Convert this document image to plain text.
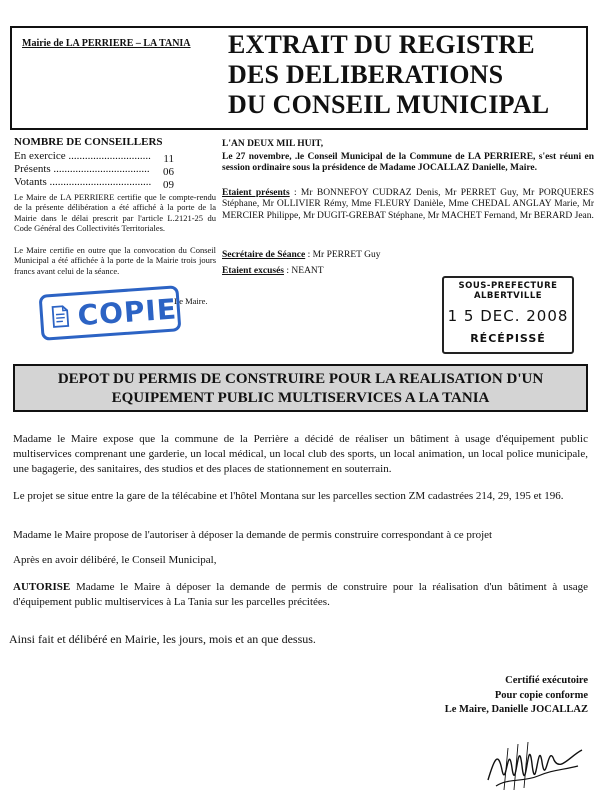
Mairie de LA PERRIERE – LA TANIA EXTRAIT DU REGISTRE
DES DELIBERATIONS
DU CONSEIL MUNICIPAL
NOMBRE DE CONSEILLERS
En exercice .............................. 11
Présents ................................... 06
Votants ..................................... 09
Le Maire de LA PERRIERE certifie que le compte-rendu de la présente délibération a été affiché à la porte de la Mairie dans le délai prescrit par l'article L.2121-25 du Code Général des Collectivités Territoriales.
Le Maire certifie en outre que la convocation du Conseil Municipal a été affichée à la porte de la Mairie trois jours francs avant celui de la séance.
Le Maire.
COPIE
L'AN DEUX MIL HUIT,
Le 27 novembre, .le Conseil Municipal de la Commune de LA PERRIERE, s'est réuni en session ordinaire sous la présidence de Madame JOCALLAZ Danielle, Maire.
Etaient présents : Mr BONNEFOY CUDRAZ Denis, Mr PERRET Guy, Mr PORQUERES Stéphane, Mr OLLIVIER Rémy, Mme FLEURY Danièle, Mme CHEDAL ANGLAY Marie, Mr MERCIER Philippe, Mr DUGIT-GREBAT Stéphane, Mr MACHET Fernand, Mr BERARD Jean.
Secrétaire de Séance : Mr PERRET Guy
Etaient excusés : NEANT
SOUS-PREFECTURE
ALBERTVILLE
1 5 DEC. 2008
RÉCÉPISSÉ
DEPOT DU PERMIS DE CONSTRUIRE POUR LA REALISATION D'UN
EQUIPEMENT PUBLIC MULTISERVICES A LA TANIA
Madame le Maire expose que la commune de la Perrière a décidé de réaliser un bâtiment à usage d'équipement public multiservices comprenant une garderie, un local médical, un local club des sports, un local animation, un local police municipale, une bagagerie, des sanitaires, des studios et des places de stationnement en souterrain.
Le projet se situe entre la gare de la télécabine et l'hôtel Montana sur les parcelles section ZM cadastrées 214, 29, 195 et 196.
Madame le Maire propose de l'autoriser à déposer la demande de permis construire correspondant à ce projet
Après en avoir délibéré, le Conseil Municipal,
AUTORISE Madame le Maire à déposer la demande de permis de construire pour la réalisation d'un bâtiment à usage d'équipement public multiservices à La Tania sur les parcelles précitées.
Ainsi fait et délibéré en Mairie, les jours, mois et an que dessus.
Certifié exécutoire
Pour copie conforme
Le Maire, Danielle JOCALLAZ
